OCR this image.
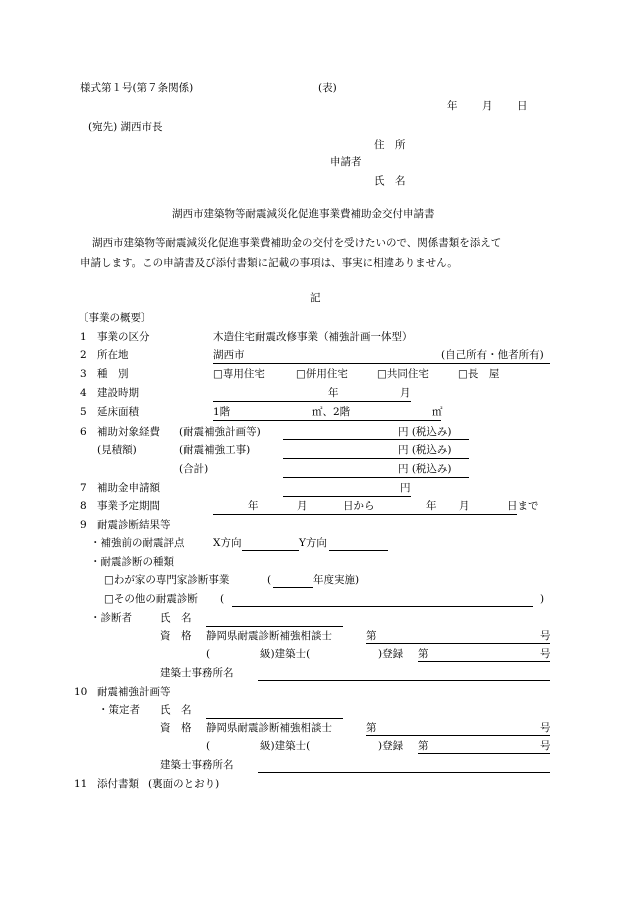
様式第１号(第７条関係)	(表)
年 月 日
(宛先) 湖西市長
住　所
申請者
氏　名
湖西市建築物等耐震減災化促進事業費補助金交付申請書
湖西市建築物等耐震減災化促進事業費補助金の交付を受けたいので、関係書類を添えて
申請します。この申請書及び添付書類に記載の事項は、事実に相違ありません。
記
〔事業の概要〕
1 事業の区分	木造住宅耐震改修事業（補強計画一体型）
2 所在地	湖西市	(自己所有・他者所有)
3 種　別	□専用住宅	□併用住宅	□共同住宅	□長　屋
4 建設時期	年	月
5 延床面積	1階	㎡、2階	㎡
6 補助対象経費 (耐震補強計画等)	円 (税込み)
(見積額)	(耐震補強工事)	円 (税込み)
(合計)	円 (税込み)
7 補助金申請額	円
8 事業予定期間	年	月	日から	年 月	日まで
9 耐震診断結果等
・補強前の耐震評点	X方向	Y方向
・耐震診断の種類
□わが家の専門家診断事業	(	年度実施)
□その他の耐震診断 (	)
・診断者	氏　名
資　格 静岡県耐震診断補強相談士	第	号
(	級)建築士(	)登録 第	号
建築士事務所名
10 耐震補強計画等
・策定者 氏　名
資　格 静岡県耐震診断補強相談士	第	号
(	級)建築士(	)登録 第	号
建築士事務所名
11 添付書類 (裏面のとおり)
